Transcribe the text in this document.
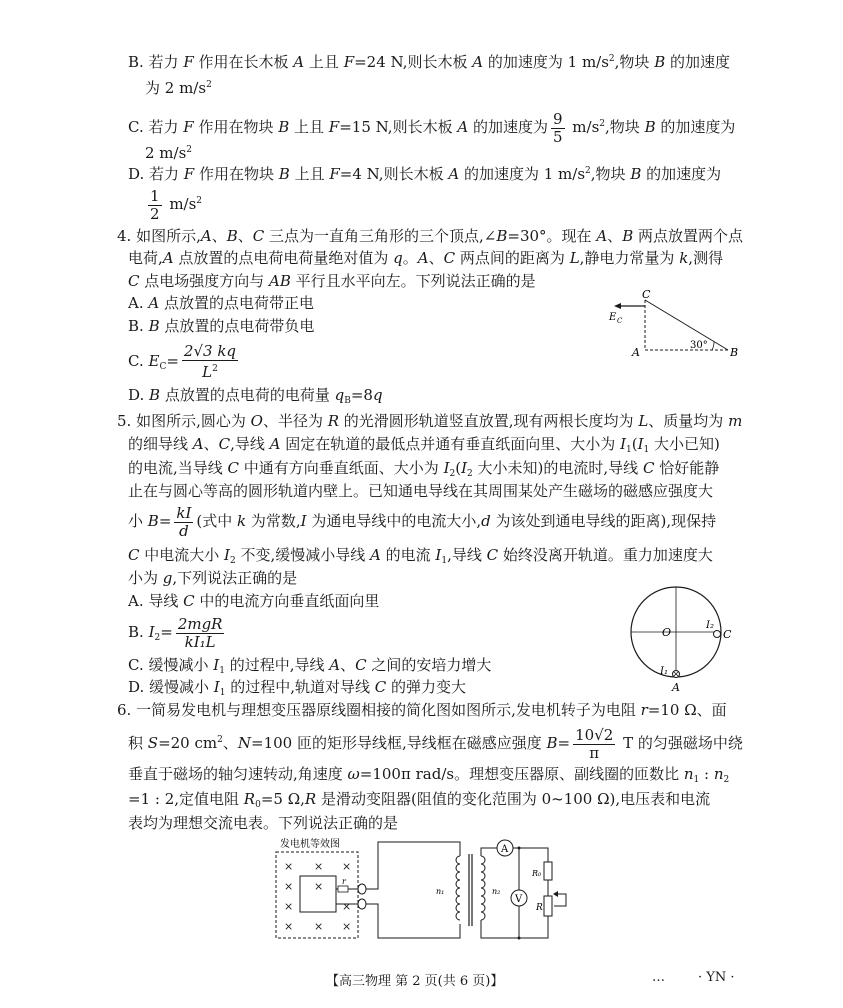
B. 若力 F 作用在长木板 A 上且 F=24 N,则长木板 A 的加速度为 1 $m/s^2$,物块 B 的加速度
为 2 $m/s^2$
C. 若力 F 作用在物块 B 上且 F=15 N,则长木板 A 的加速度为 $\frac{9}{5} m/s^2$,物块 B 的加速度为
2 $m/s^2$
D. 若力 F 作用在物块 B 上且 F=4 N,则长木板 A 的加速度为 1 $m/s^2$,物块 B 的加速度为
$\frac{1}{2} m/s^2$
4. 如图所示,A、B、C 三点为一直角三角形的三个顶点,∠B=30°。现在 A、B 两点放置两个点
电荷,A 点放置的点电荷电荷量绝对值为 q。A、C 两点间的距离为 L,静电力常量为 k,测得
C 点电场强度方向与 AB 平行且水平向左。下列说法正确的是
A. A 点放置的点电荷带正电
B. B 点放置的点电荷带负电
C. $E_C= \frac{2√3 kq}{L^2}$
D. B 点放置的点电荷的电荷量 $q_B=8q$
C
A	B
E C
30°
5. 如图所示,圆心为 O、半径为 R 的光滑圆形轨道竖直放置,现有两根长度均为 L、质量均为 m
的细导线 A、C,导线 A 固定在轨道的最低点并通有垂直纸面向里、大小为 $I_1(I_1$ 大小已知)
的电流,当导线 C 中通有方向垂直纸面、大小为 $I_2(I_2$ 大小未知)的电流时,导线 C 恰好能静
止在与圆心等高的圆形轨道内壁上。已知通电导线在其周围某处产生磁场的磁感应强度大
小 $B= \frac{kI}{d}$ (式中 k 为常数,I 为通电导线中的电流大小,d 为该处到通电导线的距离),现保持
C 中电流大小 $I_2$ 不变,缓慢减小导线 A 的电流 $I_1$,导线 C 始终没离开轨道。重力加速度大
小为 g,下列说法正确的是
A. 导线 C 中的电流方向垂直纸面向里
B. $I_2= \frac{\text{2mgR}}{\text{kI₁L}}$
C. 缓慢减小 $I_1$ 的过程中,导线 A、C 之间的安培力增大
D. 缓慢减小 $I_1$ 的过程中,轨道对导线 C 的弹力变大
O
I₂
C
I₁
A
6. 一简易发电机与理想变压器原线圈相接的简化图如图所示,发电机转子为电阻 r=10 Ω、面
积 S=20 $cm^2$、N=100 匝的矩形导线框,导线框在磁感应强度 $B= \frac{10√2}{\pi}$ T 的匀强磁场中绕
垂直于磁场的轴匀速转动,角速度 ω=100π rad/s。理想变压器原、副线圈的匝数比 $n_1$ : $n_2$
=1 : 2,定值电阻 $R_0=5$ Ω,R 是滑动变阻器(阻值的变化范围为 0~100 Ω),电压表和电流
表均为理想交流电表。下列说法正确的是
发电机等效图
× × ×
× ×
×	×
× × ×
r
n₁	n₂
A
R₀
R
V
【高三物理 第 2 页(共 6 页)】	…	· YN ·
